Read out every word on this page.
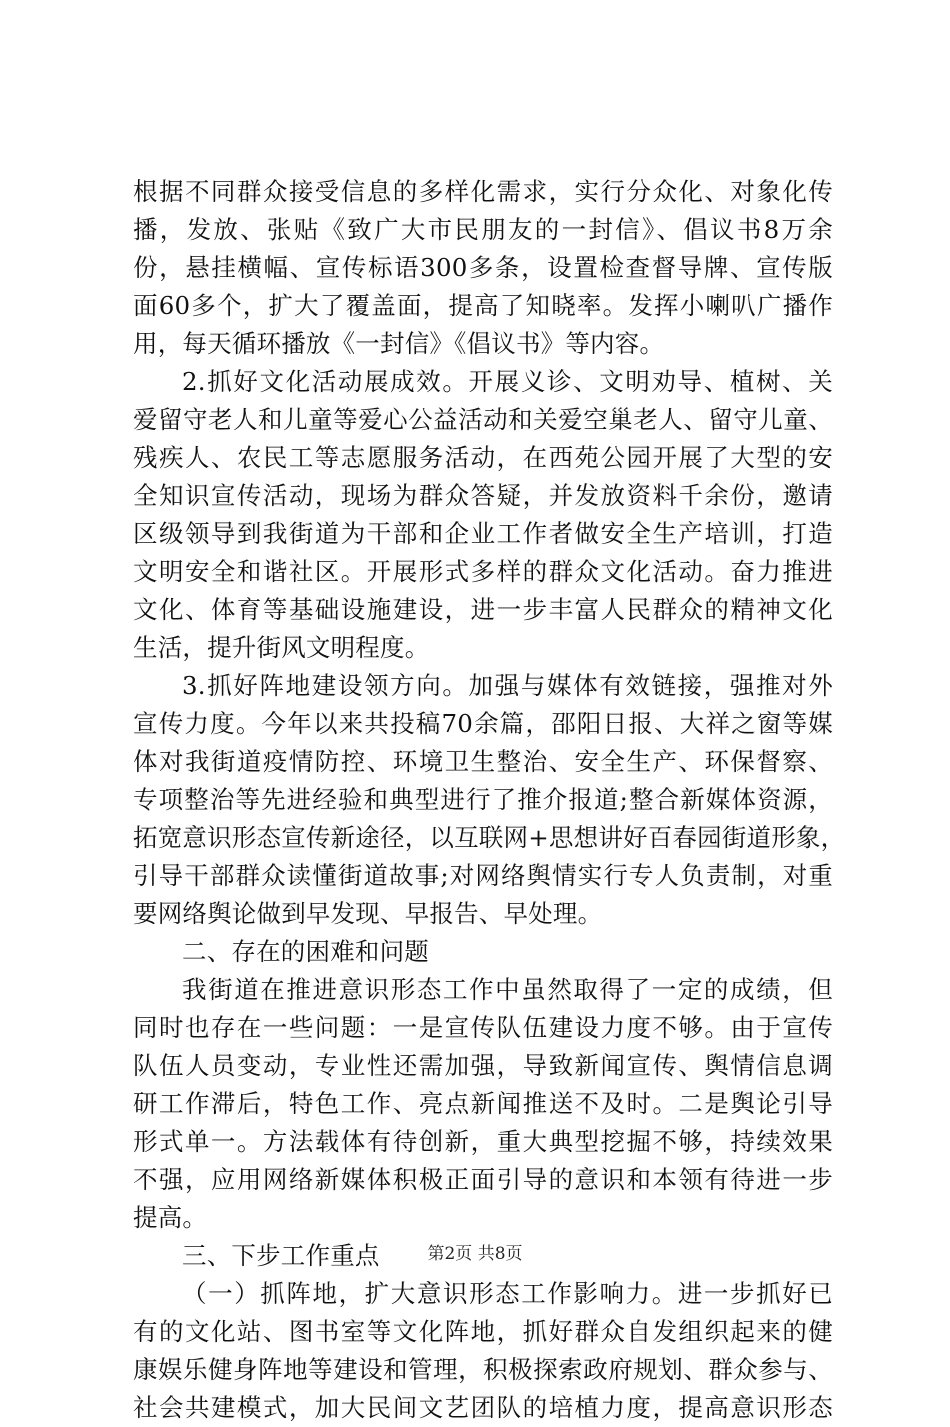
根据不同群众接受信息的多样化需求，实行分众化、对象化传
播，发放、张贴《致广大市民朋友的一封信》、倡议书8万余
份，悬挂横幅、宣传标语300多条，设置检查督导牌、宣传版
面60多个，扩大了覆盖面，提高了知晓率。发挥小喇叭广播作
用，每天循环播放《一封信》《倡议书》等内容。
2.抓好文化活动展成效。开展义诊、文明劝导、植树、关
爱留守老人和儿童等爱心公益活动和关爱空巢老人、留守儿童、
残疾人、农民工等志愿服务活动，在西苑公园开展了大型的安
全知识宣传活动，现场为群众答疑，并发放资料千余份，邀请
区级领导到我街道为干部和企业工作者做安全生产培训，打造
文明安全和谐社区。开展形式多样的群众文化活动。奋力推进
文化、体育等基础设施建设，进一步丰富人民群众的精神文化
生活，提升街风文明程度。
3.抓好阵地建设领方向。加强与媒体有效链接，强推对外
宣传力度。今年以来共投稿70余篇，邵阳日报、大祥之窗等媒
体对我街道疫情防控、环境卫生整治、安全生产、环保督察、
专项整治等先进经验和典型进行了推介报道;整合新媒体资源，
拓宽意识形态宣传新途径，以互联网+思想讲好百春园街道形象，
引导干部群众读懂街道故事;对网络舆情实行专人负责制，对重
要网络舆论做到早发现、早报告、早处理。
二、存在的困难和问题
我街道在推进意识形态工作中虽然取得了一定的成绩，但
同时也存在一些问题：一是宣传队伍建设力度不够。由于宣传
队伍人员变动，专业性还需加强，导致新闻宣传、舆情信息调
研工作滞后，特色工作、亮点新闻推送不及时。二是舆论引导
形式单一。方法载体有待创新，重大典型挖掘不够，持续效果
不强，应用网络新媒体积极正面引导的意识和本领有待进一步
提高。
三、下步工作重点
（一）抓阵地，扩大意识形态工作影响力。进一步抓好已
有的文化站、图书室等文化阵地，抓好群众自发组织起来的健
康娱乐健身阵地等建设和管理，积极探索政府规划、群众参与、
社会共建模式，加大民间文艺团队的培植力度，提高意识形态
第2页 共8页
